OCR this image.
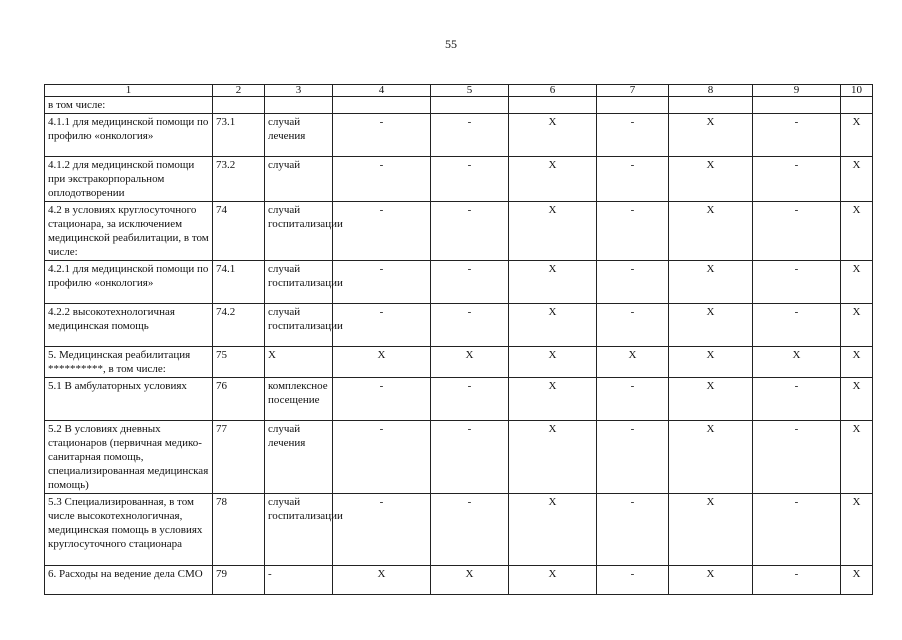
55
1	2	3	4	5	6	7	8	9	10
в том числе:									
4.1.1 для медицинской помощи по профилю «онкология»	73.1	случай лечения	-	-	Х	-	Х	-	Х
4.1.2 для медицинской помощи при экстракорпоральном оплодотворении	73.2	случай	-	-	Х	-	Х	-	Х
4.2 в условиях круглосуточного стационара, за исключением медицинской реабилитации, в том числе:	74	случай госпитализации	-	-	Х	-	Х	-	Х
4.2.1 для медицинской помощи по профилю «онкология»	74.1	случай госпитализации	-	-	Х	-	Х	-	Х
4.2.2 высокотехнологичная медицинская помощь	74.2	случай госпитализации	-	-	Х	-	Х	-	Х
5. Медицинская реабилитация **********, в том числе:	75	Х	Х	Х	Х	Х	Х	Х	Х
5.1 В амбулаторных условиях	76	комплексное посещение	-	-	Х	-	Х	-	Х
5.2 В условиях дневных стационаров (первичная медико-санитарная помощь, специализированная медицинская помощь)	77	случай лечения	-	-	Х	-	Х	-	Х
5.3 Специализированная, в том числе высокотехнологичная, медицинская помощь в условиях круглосуточного стационара	78	случай госпитализации	-	-	Х	-	Х	-	Х
6. Расходы на ведение дела СМО	79	-	Х	Х	Х	-	Х	-	Х
